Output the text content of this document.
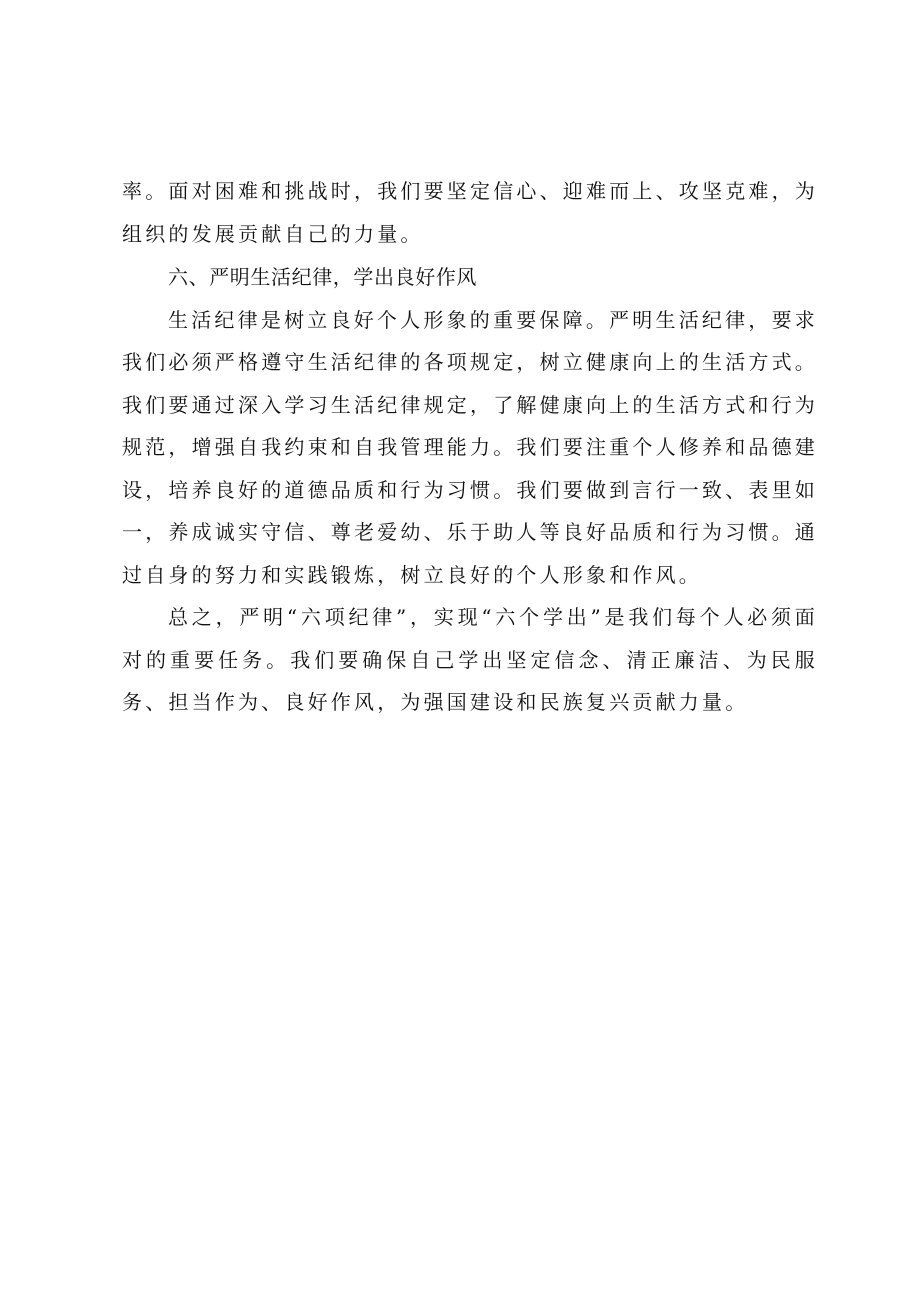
率。面对困难和挑战时，我们要坚定信心、迎难而上、攻坚克难，为组织的发展贡献自己的力量。

六、严明生活纪律，学出良好作风

生活纪律是树立良好个人形象的重要保障。严明生活纪律，要求我们必须严格遵守生活纪律的各项规定，树立健康向上的生活方式。我们要通过深入学习生活纪律规定，了解健康向上的生活方式和行为规范，增强自我约束和自我管理能力。我们要注重个人修养和品德建设，培养良好的道德品质和行为习惯。我们要做到言行一致、表里如一，养成诚实守信、尊老爱幼、乐于助人等良好品质和行为习惯。通过自身的努力和实践锻炼，树立良好的个人形象和作风。

总之，严明“六项纪律”，实现“六个学出”是我们每个人必须面对的重要任务。我们要确保自己学出坚定信念、清正廉洁、为民服务、担当作为、良好作风，为强国建设和民族复兴贡献力量。
